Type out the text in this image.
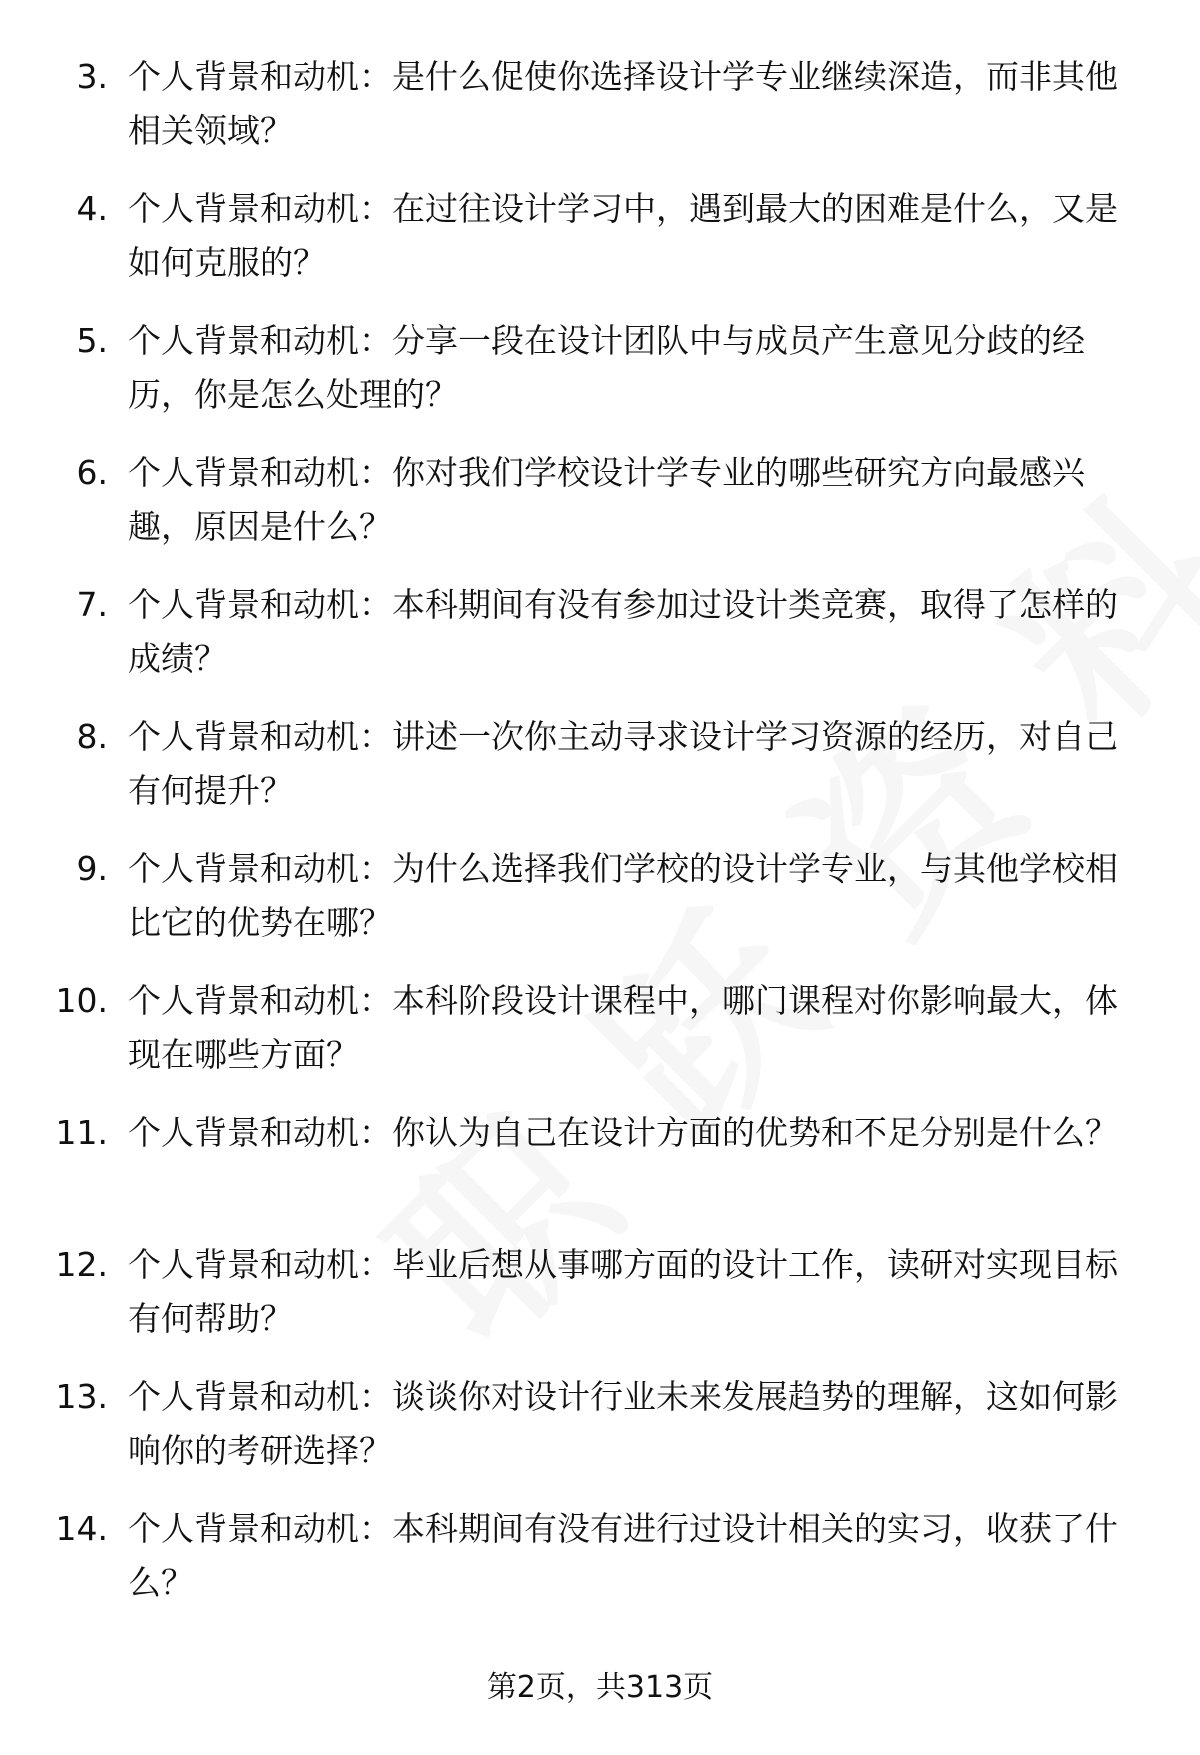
3. 个人背景和动机：是什么促使你选择设计学专业继续深造，而非其他相关领域？
4. 个人背景和动机：在过往设计学习中，遇到最大的困难是什么，又是如何克服的？
5. 个人背景和动机：分享一段在设计团队中与成员产生意见分歧的经历，你是怎么处理的？
6. 个人背景和动机：你对我们学校设计学专业的哪些研究方向最感兴趣，原因是什么？
7. 个人背景和动机：本科期间有没有参加过设计类竞赛，取得了怎样的成绩？
8. 个人背景和动机：讲述一次你主动寻求设计学习资源的经历，对自己有何提升？
9. 个人背景和动机：为什么选择我们学校的设计学专业，与其他学校相比它的优势在哪？
10. 个人背景和动机：本科阶段设计课程中，哪门课程对你影响最大，体现在哪些方面？
11. 个人背景和动机：你认为自己在设计方面的优势和不足分别是什么？
12. 个人背景和动机：毕业后想从事哪方面的设计工作，读研对实现目标有何帮助？
13. 个人背景和动机：谈谈你对设计行业未来发展趋势的理解，这如何影响你的考研选择？
14. 个人背景和动机：本科期间有没有进行过设计相关的实习，收获了什么？
第2页，共313页
